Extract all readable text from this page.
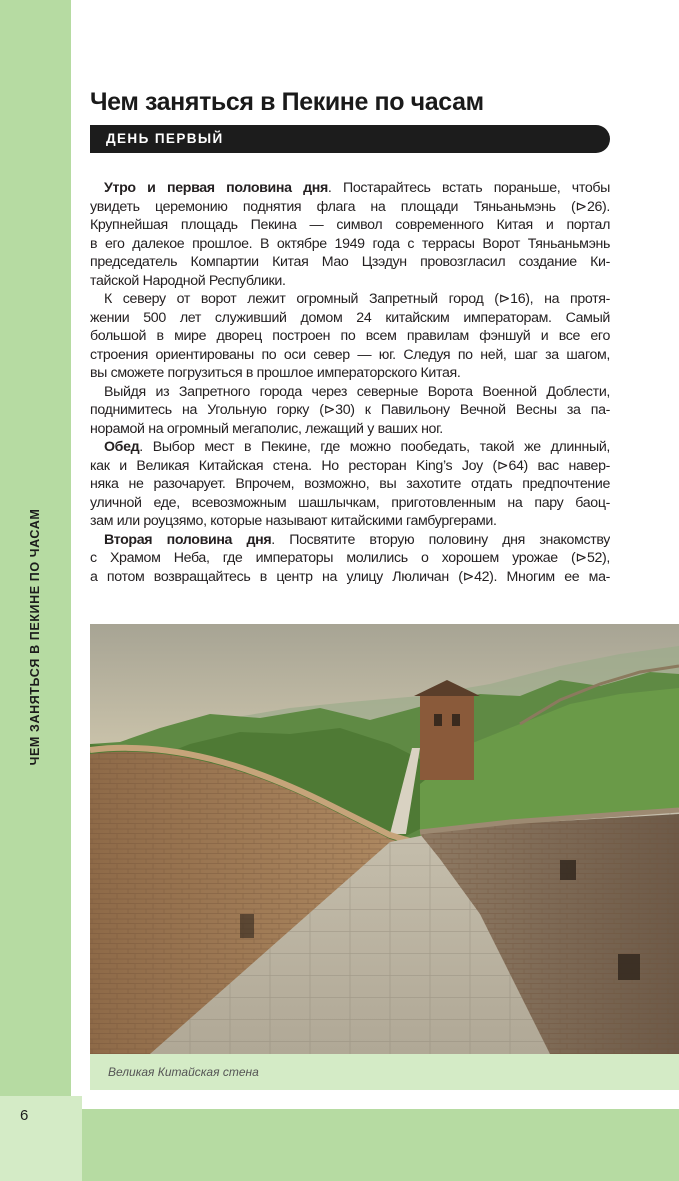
ЧЕМ ЗАНЯТЬСЯ В ПЕКИНЕ ПО ЧАСАМ
6
Чем заняться в Пекине по часам
ДЕНЬ ПЕРВЫЙ
Утро и первая половина дня. Постарайтесь встать пораньше, чтобы
увидеть церемонию поднятия флага на площади Тяньаньмэнь (⊳26).
Крупнейшая площадь Пекина — символ современного Китая и портал
в его далекое прошлое. В октябре 1949 года с террасы Ворот Тяньаньмэнь
председатель Компартии Китая Мао Цзэдун провозгласил создание Ки-
тайской Народной Республики.
К северу от ворот лежит огромный Запретный город (⊳16), на протя-
жении 500 лет служивший домом 24 китайским императорам. Самый
большой в мире дворец построен по всем правилам фэншуй и все его
строения ориентированы по оси север — юг. Следуя по ней, шаг за шагом,
вы сможете погрузиться в прошлое императорского Китая.
Выйдя из Запретного города через северные Ворота Военной Доблести,
поднимитесь на Угольную горку (⊳30) к Павильону Вечной Весны за па-
норамой на огромный мегаполис, лежащий у ваших ног.
Обед. Выбор мест в Пекине, где можно пообедать, такой же длинный,
как и Великая Китайская стена. Но ресторан King’s Joy (⊳64) вас навер-
няка не разочарует. Впрочем, возможно, вы захотите отдать предпочтение
уличной еде, всевозможным шашлычкам, приготовленным на пару баоц-
зам или роуцзямо, которые называют китайскими гамбургерами.
Вторая половина дня. Посвятите вторую половину дня знакомству
с Храмом Неба, где императоры молились о хорошем урожае (⊳52),
а потом возвращайтесь в центр на улицу Люличан (⊳42). Многим ее ма-
Великая Китайская стена
